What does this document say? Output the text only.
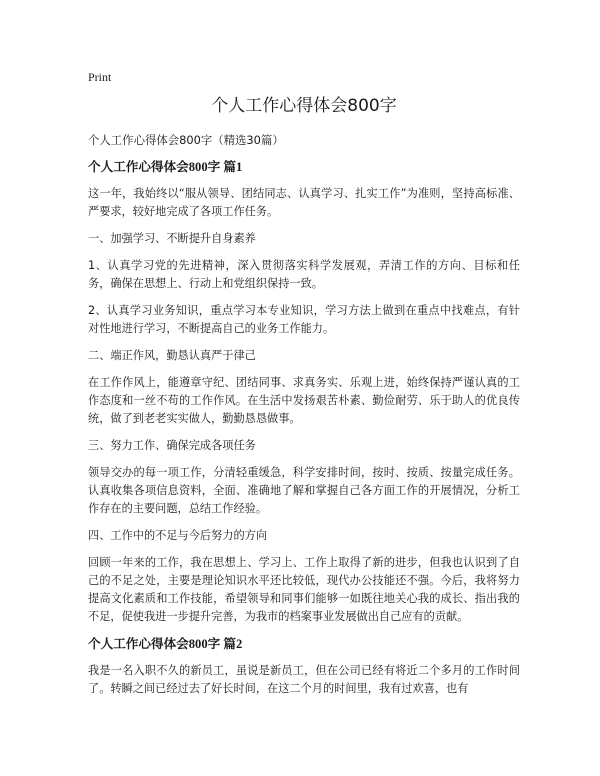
Print
个人工作心得体会800字

个人工作心得体会800字（精选30篇）

个人工作心得体会800字 篇1

这一年，我始终以“服从领导、团结同志、认真学习、扎实工作”为准则，坚持高标准、严要求，较好地完成了各项工作任务。

一、加强学习、不断提升自身素养

1、认真学习党的先进精神，深入贯彻落实科学发展观，弄清工作的方向、目标和任务，确保在思想上、行动上和党组织保持一致。

2、认真学习业务知识，重点学习本专业知识，学习方法上做到在重点中找难点，有针对性地进行学习，不断提高自己的业务工作能力。

二、端正作风，勤恳认真严于律己

在工作作风上，能遵章守纪、团结同事、求真务实、乐观上进，始终保持严谨认真的工作态度和一丝不苟的工作作风。在生活中发扬艰苦朴素、勤俭耐劳、乐于助人的优良传统，做了到老老实实做人，勤勤恳恳做事。

三、努力工作、确保完成各项任务

领导交办的每一项工作，分清轻重缓急，科学安排时间，按时、按质、按量完成任务。认真收集各项信息资料，全面、准确地了解和掌握自己各方面工作的开展情况，分析工作存在的主要问题，总结工作经验。

四、工作中的不足与今后努力的方向

回顾一年来的工作，我在思想上、学习上、工作上取得了新的进步，但我也认识到了自己的不足之处，主要是理论知识水平还比较低，现代办公技能还不强。今后，我将努力提高文化素质和工作技能，希望领导和同事们能够一如既往地关心我的成长、指出我的不足，促使我进一步提升完善，为我市的档案事业发展做出自己应有的贡献。

个人工作心得体会800字 篇2

我是一名入职不久的新员工，虽说是新员工，但在公司已经有将近二个多月的工作时间了。转瞬之间已经过去了好长时间，在这二个月的时间里，我有过欢喜，也有
